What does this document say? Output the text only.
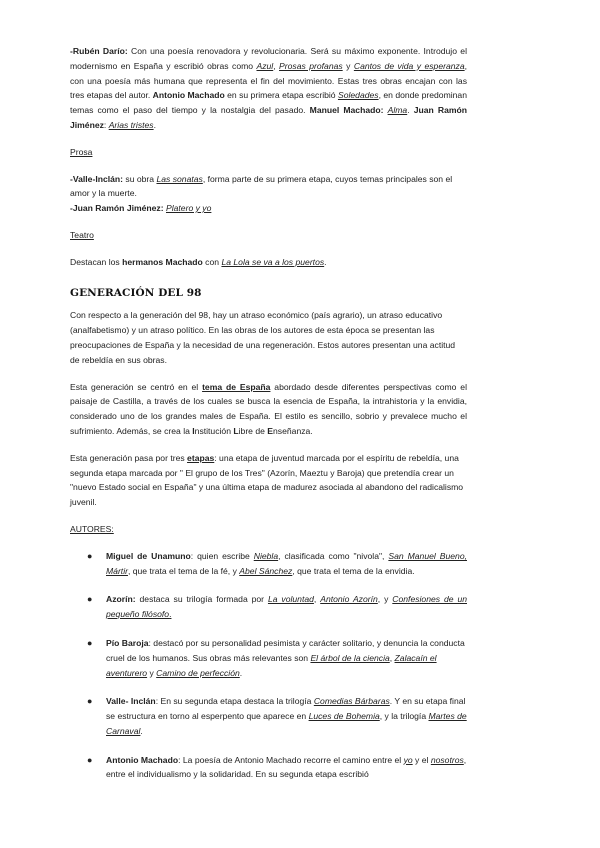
-Rubén Darío: Con una poesía renovadora y revolucionaria. Será su máximo exponente. Introdujo el modernismo en España y escribió obras como Azul, Prosas profanas y Cantos de vida y esperanza, con una poesía más humana que representa el fin del movimiento. Estas tres obras encajan con las tres etapas del autor. Antonio Machado en su primera etapa escribió Soledades, en donde predominan temas como el paso del tiempo y la nostalgia del pasado. Manuel Machado: Alma. Juan Ramón Jiménez: Arias tristes.

Prosa

-Valle-Inclán: su obra Las sonatas, forma parte de su primera etapa, cuyos temas principales son el amor y la muerte.

-Juan Ramón Jiménez: Platero y yo

Teatro

Destacan los hermanos Machado con La Lola se va a los puertos.

GENERACIÓN DEL 98

Con respecto a la generación del 98, hay un atraso económico (país agrario), un atraso educativo (analfabetismo) y un atraso político. En las obras de los autores de esta época se presentan las preocupaciones de España y la necesidad de una regeneración. Estos autores presentan una actitud de rebeldía en sus obras.

Esta generación se centró en el tema de España abordado desde diferentes perspectivas como el paisaje de Castilla, a través de los cuales se busca la esencia de España, la intrahistoria y la envidia, considerado uno de los grandes males de España. El estilo es sencillo, sobrio y prevalece mucho el sufrimiento. Además, se crea la Institución Libre de Enseñanza.

Esta generación pasa por tres etapas: una etapa de juventud marcada por el espíritu de rebeldía, una segunda etapa marcada por " El grupo de los Tres" (Azorín, Maeztu y Baroja) que pretendía crear un "nuevo Estado social en España" y una última etapa de madurez asociada al abandono del radicalismo juvenil.

AUTORES:

● Miguel de Unamuno: quien escribe Niebla, clasificada como "nivola", San Manuel Bueno, Mártir, que trata el tema de la fé, y Abel Sánchez, que trata el tema de la envidia.
● Azorín: destaca su trilogía formada por La voluntad, Antonio Azorín, y Confesiones de un pequeño filósofo.
● Pío Baroja: destacó por su personalidad pesimista y carácter solitario, y denuncia la conducta cruel de los humanos. Sus obras más relevantes son El árbol de la ciencia, Zalacaín el aventurero y Camino de perfección.
● Valle- Inclán: En su segunda etapa destaca la trilogía Comedias Bárbaras. Y en su etapa final se estructura en torno al esperpento que aparece en Luces de Bohemia, y la trilogía Martes de Carnaval.
● Antonio Machado: La poesía de Antonio Machado recorre el camino entre el yo y el nosotros, entre el individualismo y la solidaridad. En su segunda etapa escribió
